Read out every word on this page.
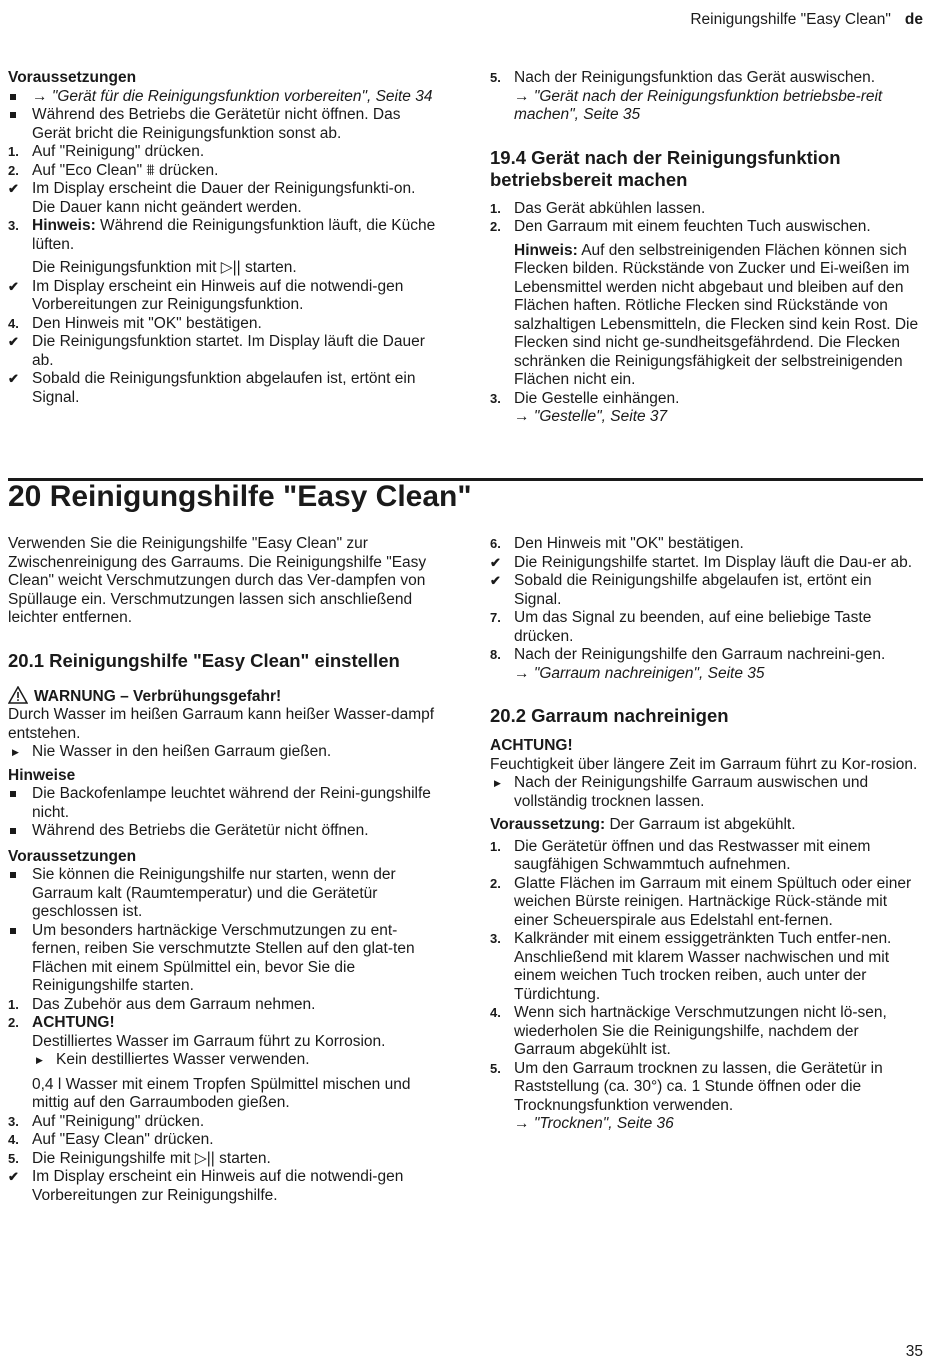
Reinigungshilfe "Easy Clean" de
Voraussetzungen
→ "Gerät für die Reinigungsfunktion vorbereiten", Seite 34
Während des Betriebs die Gerätetür nicht öffnen. Das Gerät bricht die Reinigungsfunktion sonst ab.
1. Auf "Reinigung" drücken.
2. Auf "Eco Clean" ⩩ drücken.
✔ Im Display erscheint die Dauer der Reinigungsfunkti-on. Die Dauer kann nicht geändert werden.
3. Hinweis: Während die Reinigungsfunktion läuft, die Küche lüften.
Die Reinigungsfunktion mit ▷|| starten.
✔ Im Display erscheint ein Hinweis auf die notwendi-gen Vorbereitungen zur Reinigungsfunktion.
4. Den Hinweis mit "OK" bestätigen.
✔ Die Reinigungsfunktion startet. Im Display läuft die Dauer ab.
✔ Sobald die Reinigungsfunktion abgelaufen ist, ertönt ein Signal.
5. Nach der Reinigungsfunktion das Gerät auswischen.
→ "Gerät nach der Reinigungsfunktion betriebsbe-reit machen", Seite 35
19.4 Gerät nach der Reinigungsfunktion betriebsbereit machen
1. Das Gerät abkühlen lassen.
2. Den Garraum mit einem feuchten Tuch auswischen.
Hinweis: Auf den selbstreinigenden Flächen können sich Flecken bilden. Rückstände von Zucker und Ei-weißen im Lebensmittel werden nicht abgebaut und bleiben auf den Flächen haften. Rötliche Flecken sind Rückstände von salzhaltigen Lebensmitteln, die Flecken sind kein Rost. Die Flecken sind nicht ge-sundheitsgefährdend. Die Flecken schränken die Reinigungsfähigkeit der selbstreinigenden Flächen nicht ein.
3. Die Gestelle einhängen.
→ "Gestelle", Seite 37
20 Reinigungshilfe "Easy Clean"
Verwenden Sie die Reinigungshilfe "Easy Clean" zur Zwischenreinigung des Garraums. Die Reinigungshilfe "Easy Clean" weicht Verschmutzungen durch das Ver-dampfen von Spüllauge ein. Verschmutzungen lassen sich anschließend leichter entfernen.
20.1 Reinigungshilfe "Easy Clean" einstellen
WARNUNG – Verbrühungsgefahr!
Durch Wasser im heißen Garraum kann heißer Wasser-dampf entstehen.
▶ Nie Wasser in den heißen Garraum gießen.
Hinweise
Die Backofenlampe leuchtet während der Reini-gungshilfe nicht.
Während des Betriebs die Gerätetür nicht öffnen.
Voraussetzungen
Sie können die Reinigungshilfe nur starten, wenn der Garraum kalt (Raumtemperatur) und die Gerätetür geschlossen ist.
Um besonders hartnäckige Verschmutzungen zu ent-fernen, reiben Sie verschmutzte Stellen auf den glat-ten Flächen mit einem Spülmittel ein, bevor Sie die Reinigungshilfe starten.
1. Das Zubehör aus dem Garraum nehmen.
2. ACHTUNG!
Destilliertes Wasser im Garraum führt zu Korrosion.
▶ Kein destilliertes Wasser verwenden.
0,4 l Wasser mit einem Tropfen Spülmittel mischen und mittig auf den Garraumboden gießen.
3. Auf "Reinigung" drücken.
4. Auf "Easy Clean" drücken.
5. Die Reinigungshilfe mit ▷|| starten.
✔ Im Display erscheint ein Hinweis auf die notwendi-gen Vorbereitungen zur Reinigungshilfe.
6. Den Hinweis mit "OK" bestätigen.
✔ Die Reinigungshilfe startet. Im Display läuft die Dau-er ab.
✔ Sobald die Reinigungshilfe abgelaufen ist, ertönt ein Signal.
7. Um das Signal zu beenden, auf eine beliebige Taste drücken.
8. Nach der Reinigungshilfe den Garraum nachreini-gen.
→ "Garraum nachreinigen", Seite 35
20.2 Garraum nachreinigen
ACHTUNG!
Feuchtigkeit über längere Zeit im Garraum führt zu Kor-rosion.
▶ Nach der Reinigungshilfe Garraum auswischen und vollständig trocknen lassen.
Voraussetzung: Der Garraum ist abgekühlt.
1. Die Gerätetür öffnen und das Restwasser mit einem saugfähigen Schwammtuch aufnehmen.
2. Glatte Flächen im Garraum mit einem Spültuch oder einer weichen Bürste reinigen. Hartnäckige Rück-stände mit einer Scheuerspirale aus Edelstahl ent-fernen.
3. Kalkränder mit einem essiggetränkten Tuch entfer-nen. Anschließend mit klarem Wasser nachwischen und mit einem weichen Tuch trocken reiben, auch unter der Türdichtung.
4. Wenn sich hartnäckige Verschmutzungen nicht lö-sen, wiederholen Sie die Reinigungshilfe, nachdem der Garraum abgekühlt ist.
5. Um den Garraum trocknen zu lassen, die Gerätetür in Raststellung (ca. 30°) ca. 1 Stunde öffnen oder die Trocknungsfunktion verwenden.
→ "Trocknen", Seite 36
35
